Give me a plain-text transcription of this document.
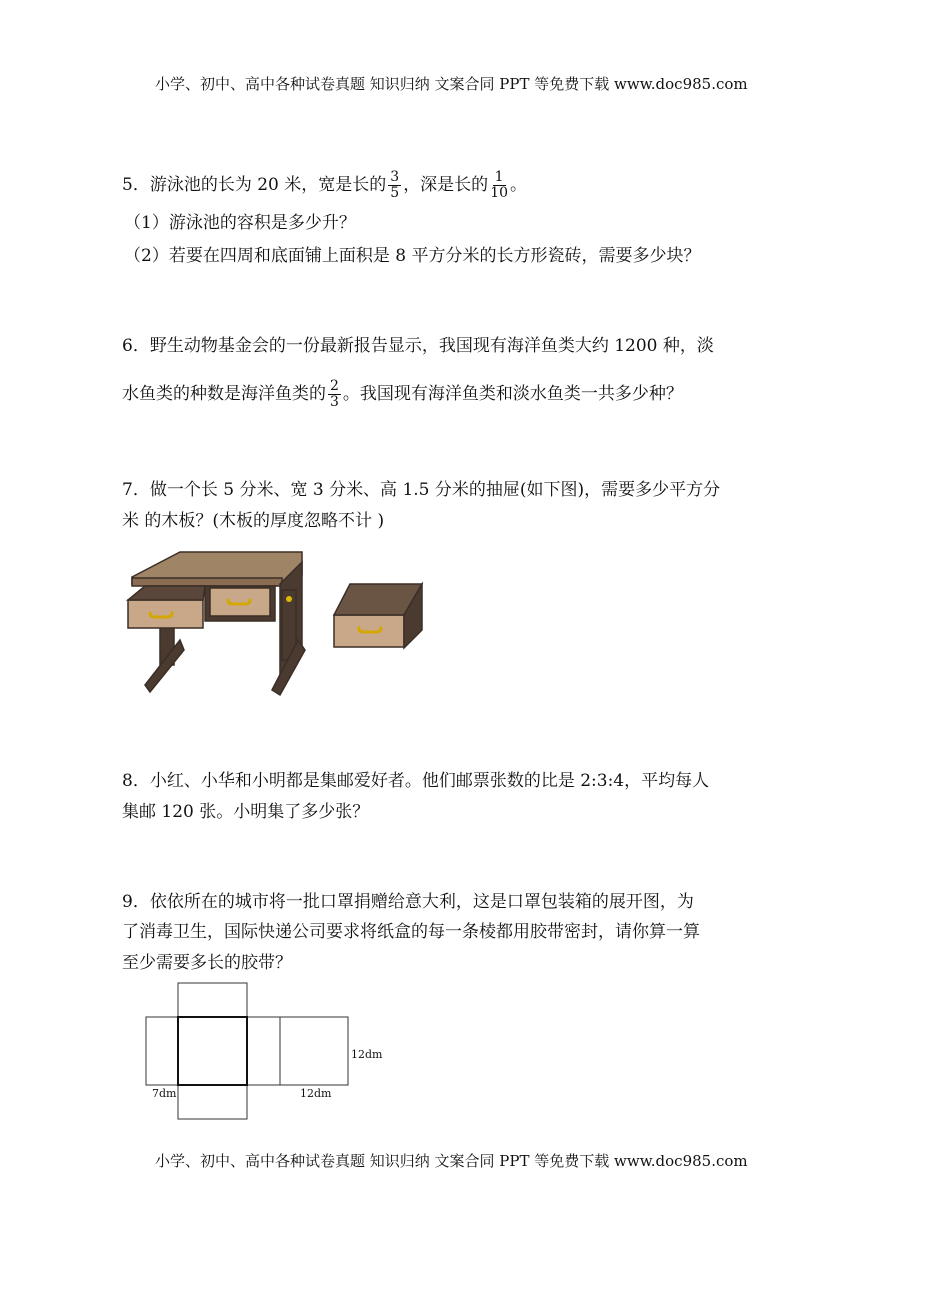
小学、初中、高中各种试卷真题 知识归纳 文案合同 PPT 等免费下载 www.doc985.com
5．游泳池的长为 20 米，宽是长的 $\frac{3}{5}$ ，深是长的 $\frac{1}{10}$ 。
（1）游泳池的容积是多少升？
（2）若要在四周和底面铺上面积是 8 平方分米的长方形瓷砖，需要多少块？
6．野生动物基金会的一份最新报告显示，我国现有海洋鱼类大约 1200 种，淡
水鱼类的种数是海洋鱼类的 $\frac{2}{3}$ 。我国现有海洋鱼类和淡水鱼类一共多少种？
7．做一个长 5 分米、宽 3 分米、高 1.5 分米的抽屉(如下图)，需要多少平方分
米 的木板？(木板的厚度忽略不计 )
8．小红、小华和小明都是集邮爱好者。他们邮票张数的比是 2:3:4，平均每人
集邮 120 张。小明集了多少张？
9．依依所在的城市将一批口罩捐赠给意大利，这是口罩包装箱的展开图，为
了消毒卫生，国际快递公司要求将纸盒的每一条棱都用胶带密封，请你算一算
至少需要多长的胶带？
12dm
7dm	12dm
小学、初中、高中各种试卷真题 知识归纳 文案合同 PPT 等免费下载 www.doc985.com
